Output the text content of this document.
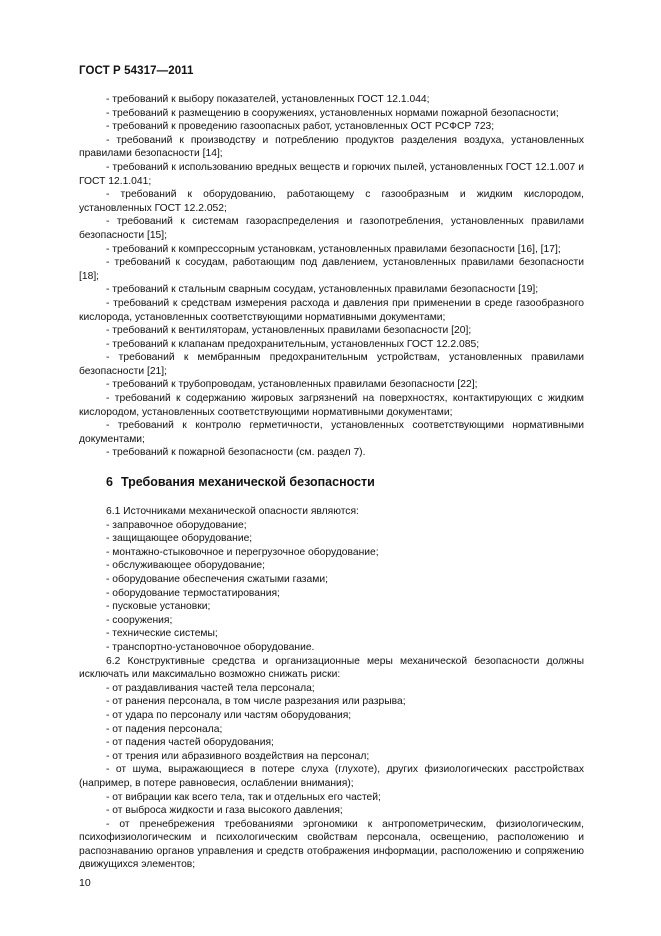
ГОСТ Р 54317—2011

- требований к выбору показателей, установленных ГОСТ 12.1.044;

- требований к размещению в сооружениях, установленных нормами пожарной безопасности;

- требований к проведению газоопасных работ, установленных ОСТ РСФСР 723;

- требований к производству и потреблению продуктов разделения воздуха, установленных правилами безопасности [14];

- требований к использованию вредных веществ и горючих пылей, установленных ГОСТ 12.1.007 и ГОСТ 12.1.041;

- требований к оборудованию, работающему с газообразным и жидким кислородом, установленных ГОСТ 12.2.052;

- требований к системам газораспределения и газопотребления, установленных правилами безопасности [15];

- требований к компрессорным установкам, установленных правилами безопасности [16], [17];

- требований к сосудам, работающим под давлением, установленных правилами безопасности [18];

- требований к стальным сварным сосудам, установленных правилами безопасности [19];

- требований к средствам измерения расхода и давления при применении в среде газообразного кислорода, установленных соответствующими нормативными документами;

- требований к вентиляторам, установленных правилами безопасности [20];

- требований к клапанам предохранительным, установленных ГОСТ 12.2.085;

- требований к мембранным предохранительным устройствам, установленных правилами безопасности [21];

- требований к трубопроводам, установленных правилами безопасности [22];

- требований к содержанию жировых загрязнений на поверхностях, контактирующих с жидким кислородом, установленных соответствующими нормативными документами;

- требований к контролю герметичности, установленных соответствующими нормативными документами;

- требований к пожарной безопасности (см. раздел 7).

6 Требования механической безопасности

6.1 Источниками механической опасности являются:

- заправочное оборудование;

- защищающее оборудование;

- монтажно-стыковочное и перегрузочное оборудование;

- обслуживающее оборудование;

- оборудование обеспечения сжатыми газами;

- оборудование термостатирования;

- пусковые установки;

- сооружения;

- технические системы;

- транспортно-установочное оборудование.

6.2 Конструктивные средства и организационные меры механической безопасности должны исключать или максимально возможно снижать риски:

- от раздавливания частей тела персонала;

- от ранения персонала, в том числе разрезания или разрыва;

- от удара по персоналу или частям оборудования;

- от падения персонала;

- от падения частей оборудования;

- от трения или абразивного воздействия на персонал;

- от шума, выражающиеся в потере слуха (глухоте), других физиологических расстройствах (например, в потере равновесия, ослаблении внимания);

- от вибрации как всего тела, так и отдельных его частей;

- от выброса жидкости и газа высокого давления;

- от пренебрежения требованиями эргономики к антропометрическим, физиологическим, психофизиологическим и психологическим свойствам персонала, освещению, расположению и распознаванию органов управления и средств отображения информации, расположению и сопряжению движущихся элементов;

10
